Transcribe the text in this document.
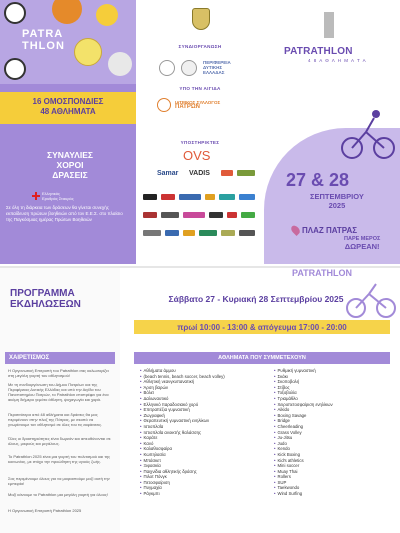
PATRA
THLON
16 ΟΜΟΣΠΟΝΔΙΕΣ
48 ΑΘΛΗΜΑΤΑ
ΣΥΝΑΥΛΙΕΣ
ΧΟΡΟΙ
ΔΡΑΣΕΙΣ
Ελληνικός
Ερυθρός Σταυρός
Σε όλη τη διάρκεια των δράσεων θα γίνεται συνεχής εκπαίδευση πρώτων βοηθειών από τον Ε.Ε.Σ. στο πλαίσιο της Παγκόσμιας ημέρας Πρώτων Βοηθειών
ΣΥΝΔΙΟΡΓΑΝΩΣΗ
ΠΕΡΙΦΕΡΕΙΑ
ΔΥΤΙΚΗΣ
ΕΛΛΑΔΑΣ
ΥΠΟ ΤΗΝ ΑΙΓΙΔΑ
ΙΑΤΡΙΚΟΣ ΣΥΛΛΟΓΟΣ
ΠΑΤΡΩΝ
ΥΠΟΣΤΗΡΙΚΤΕΣ
OVS
Samar VADIS
PATRATHLON
4 8 Α Θ Λ Η Μ Α Τ Α
27 & 28
ΣΕΠΤΕΜΒΡΙΟΥ
2025
ΠΛΑΖ ΠΑΤΡΑΣ
ΠΑΡΕ ΜΕΡΟΣ
ΔΩΡΕΑΝ!
ΠΡΟΓΡΑΜΜΑ
ΕΚΔΗΛΩΣΕΩΝ
ΧΑΙΡΕΤΙΣΜΟΣ
Η Οργανωτική Επιτροπή του Patrathlon σας καλωσορίζει στη μεγάλη γιορτή του αθλητισμού!
Με τη συνδιοργάνωση του Δήμου Πατρέων και της Περιφέρειας Δυτικής Ελλάδας και υπό την Αιγίδα του Πανεπιστημίου Πατρών, το Patrathlon επιστρέφει για ένα ακόμη διήμερο γεμάτο άθληση, ψυχαγωγία και χαρά.
Περισσότερα από 48 αθλήματα και δράσεις θα μας περιμένουν στην πλαζ της Πάτρας, με σκοπό να γνωρίσουμε τον αθλητισμό σε όλες του τις εκφάνσεις.
Όλες οι δραστηριότητες είναι δωρεάν και απευθύνονται σε όλους, μικρούς και μεγάλους.
Το Patrathlon 2025 είναι μια γιορτή του πολιτισμού και της κοινωνίας, με στόχο την προώθηση της υγιούς ζωής.
Σας περιμένουμε όλους για να μοιραστούμε μαζί αυτή την εμπειρία!
Μαζί κάνουμε το Patrathlon μια μεγάλη γιορτή για όλους!
Η Οργανωτική Επιτροπή Patrathlon 2025
PATRATHLON
Σάββατο 27 - Κυριακή 28 Σεπτεμβρίου 2025
πρωί 10:00 - 13:00 & απόγευμα 17:00 - 20:00
ΑΘΛΗΜΑΤΑ ΠΟΥ ΣΥΜΜΕΤΕΧΟΥΝ
• Αθλήματα άμμου
• (beach tennis, beach soccer, beach volley)
• Αθλητική νεανγκυπανατική
• Άρση βαρών
• Βόλεϊ
• Δαλωναυτικό
• Ελληνικό παραδοσιακό χορό
• Επιτραπέζια γυμναστική
• Ζωγραφική
• Θεραπευτική γυμναστική ενηλίκων
• Ιστιοπλοΐα
• Ιστιοπλοΐα ανοικτής θαλάσσης
• Καράτε
• Κανό
• Καλαθοσφαίρα
• Κωπηλασία
• Μπάσκετ
• Ξιφασκία
• Παιχνίδια αθλητικής δράσης
• Πιλοτ Πόνγκ
• Πετοσφαίριση
• Πυγμαχία
• Ράγκμπι
• Ρυθμική γυμναστική
• Σκάκι
• Σκοποβολή
• Στίβος
• Τοξοβολία
• Τριαμάθλο
• Χειροπετοσφαίριση ενηλίκων
• Aikido
• Boxing Savage
• Bridge
• Cheerleading
• Grass Volley
• Ju-Jitsu
• Judo
• Kendo
• Kick Boxing
• Kid's athletics
• Mini soccer
• Muay Thai
• Rollers
• SUP
• Taekwondo
• Wind Surfing
